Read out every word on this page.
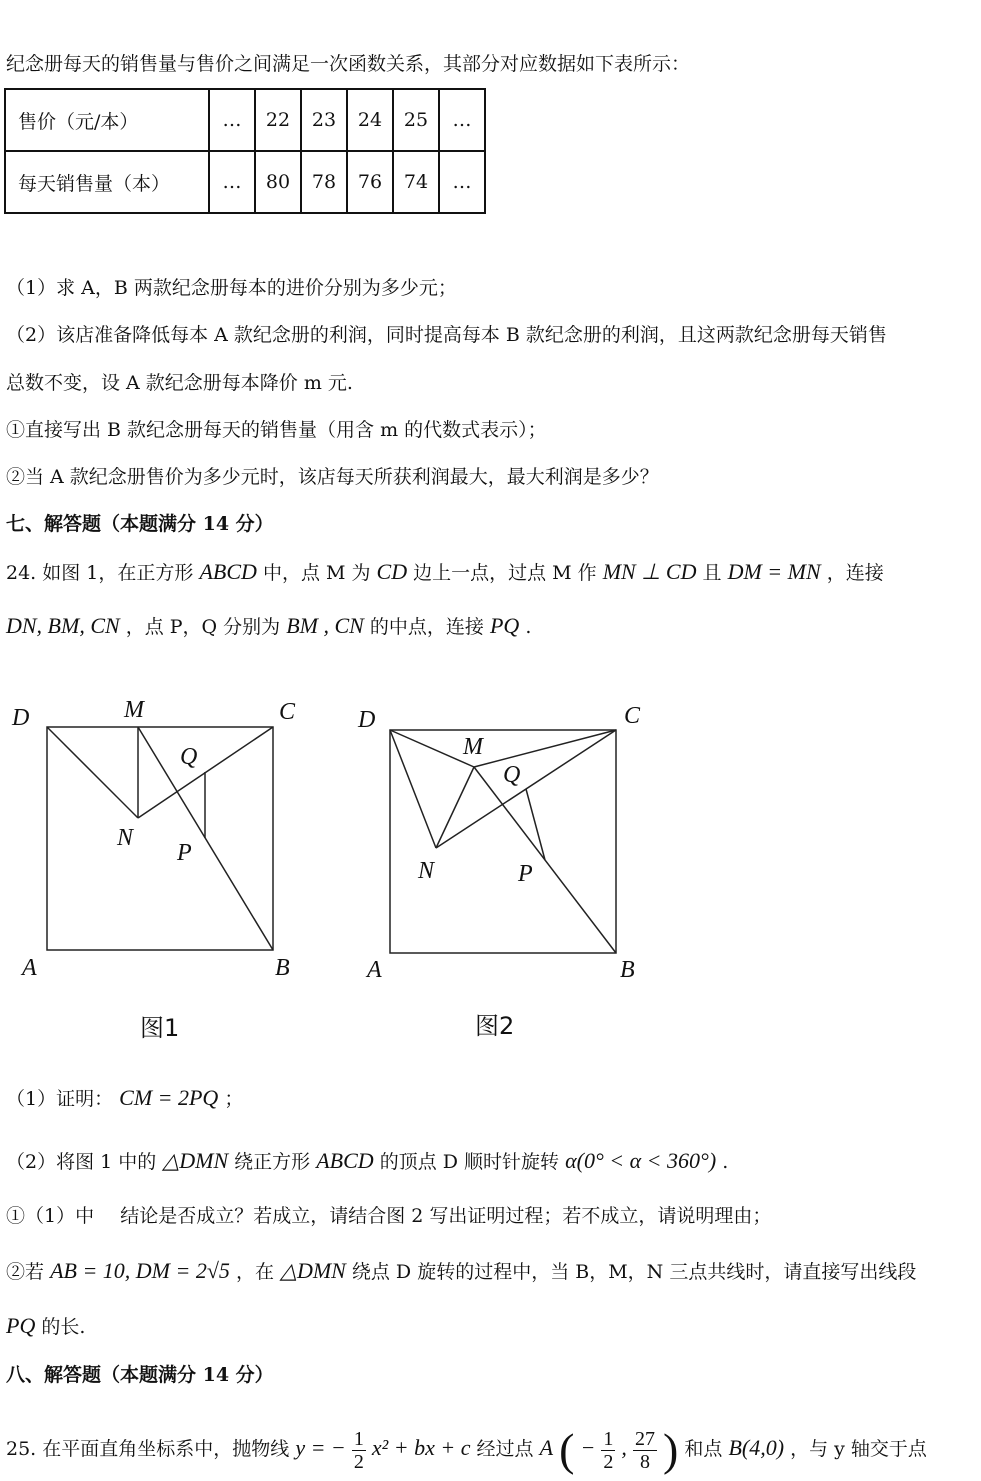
纪念册每天的销售量与售价之间满足一次函数关系，其部分对应数据如下表所示：
售价（元/本）	…	22	23	24	25	…
每天销售量（本）	…	80	78	76	74	…
（1）求 A，B 两款纪念册每本的进价分别为多少元；
（2）该店准备降低每本 A 款纪念册的利润，同时提高每本 B 款纪念册的利润，且这两款纪念册每天销售
总数不变，设 A 款纪念册每本降价 m 元.
①直接写出 B 款纪念册每天的销售量（用含 m 的代数式表示）；
②当 A 款纪念册售价为多少元时，该店每天所获利润最大，最大利润是多少？
七、解答题（本题满分 14 分）
24. 如图 1，在正方形 ABCD 中，点 M 为 CD 边上一点，过点 M 作 MN ⊥ CD 且 DM = MN ，连接
DN, BM, CN ，点 P，Q 分别为 BM , CN 的中点，连接 PQ .
D	M	C
Q
N
P
A	B
图1
D
M
C
Q
N	P
A	B
图2
（1）证明： CM = 2PQ ；
（2）将图 1 中的 △DMN 绕正方形 ABCD 的顶点 D 顺时针旋转 α(0° < α < 360°) .
①（1）中 结论是否成立？若成立，请结合图 2 写出证明过程；若不成立，请说明理由；
②若 AB = 10, DM = 2√5 ，在 △DMN 绕点 D 旋转的过程中，当 B，M，N 三点共线时，请直接写出线段
PQ 的长.
八、解答题（本题满分 14 分）
25. 在平面直角坐标系中，抛物线 y = − $\frac{1}{2} x^2$ + bx + c 经过点 A ( − $\frac{1}{2}$ , $\frac{27}{8}$ ) 和点 B(4,0) ，与 y 轴交于点
